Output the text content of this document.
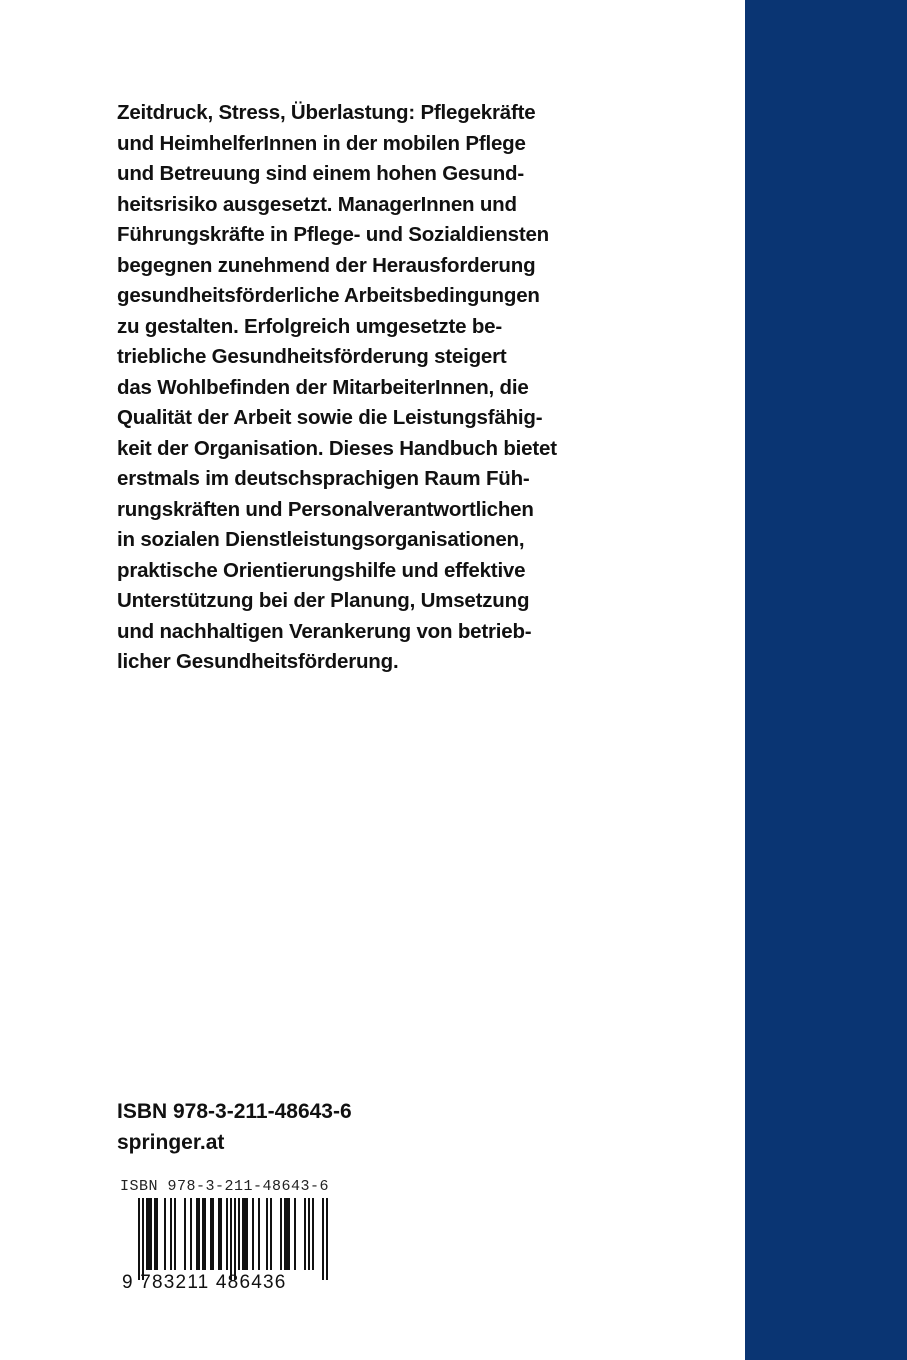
Zeitdruck, Stress, Überlastung: Pflegekräfte
und HeimhelferInnen in der mobilen Pflege
und Betreuung sind einem hohen Gesund-
heitsrisiko ausgesetzt. ManagerInnen und
Führungskräfte in Pflege- und Sozialdiensten
begegnen zunehmend der Herausforderung
gesundheitsförderliche Arbeitsbedingungen
zu gestalten. Erfolgreich umgesetzte be-
triebliche Gesundheitsförderung steigert
das Wohlbefinden der MitarbeiterInnen, die
Qualität der Arbeit sowie die Leistungsfähig-
keit der Organisation. Dieses Handbuch bietet
erstmals im deutschsprachigen Raum Füh-
rungskräften und Personalverantwortlichen
in sozialen Dienstleistungsorganisationen,
praktische Orientierungshilfe und effektive
Unterstützung bei der Planung, Umsetzung
und nachhaltigen Verankerung von betrieb-
licher Gesundheitsförderung.
ISBN 978-3-211-48643-6
springer.at
ISBN 978-3-211-48643-6
9 783211 486436
